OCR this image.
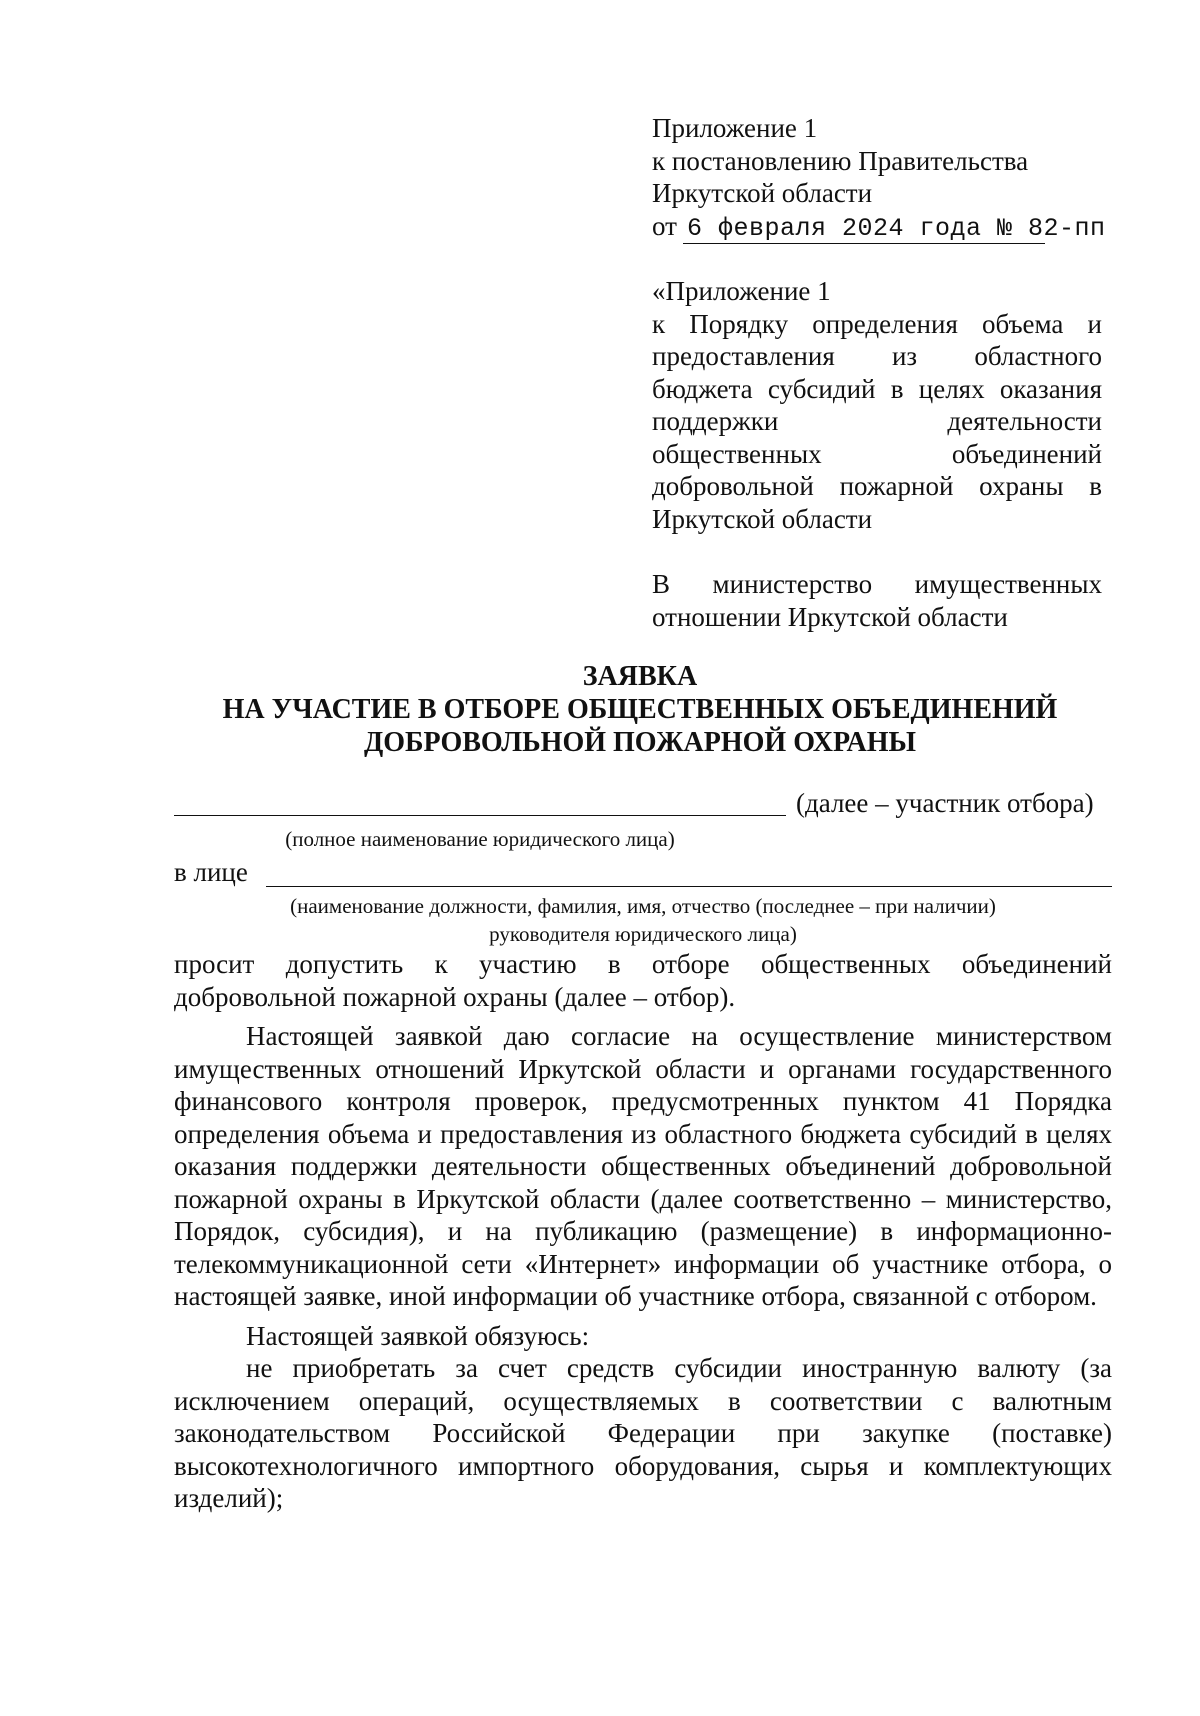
Приложение 1
к постановлению Правительства
Иркутской области
от 6 февраля 2024 года № 82-пп
«Приложение 1
к Порядку определения объема и
предоставления из областного
бюджета субсидий в целях оказания
поддержки деятельности
общественных объединений
добровольной пожарной охраны в
Иркутской области
В министерство имущественных
отношении Иркутской области
ЗАЯВКА
НА УЧАСТИЕ В ОТБОРЕ ОБЩЕСТВЕННЫХ ОБЪЕДИНЕНИЙ
ДОБРОВОЛЬНОЙ ПОЖАРНОЙ ОХРАНЫ
(далее – участник отбора)
(полное наименование юридического лица)
в лице
(наименование должности, фамилия, имя, отчество (последнее – при наличии)
руководителя юридического лица)
просит допустить к участию в отборе общественных объединений
добровольной пожарной охраны (далее – отбор).

Настоящей заявкой даю согласие на осуществление министерством имущественных отношений Иркутской области и органами государственного финансового контроля проверок, предусмотренных пунктом 41 Порядка определения объема и предоставления из областного бюджета субсидий в целях оказания поддержки деятельности общественных объединений добровольной пожарной охраны в Иркутской области (далее соответственно – министерство, Порядок, субсидия), и на публикацию (размещение) в информационно-телекоммуникационной сети «Интернет» информации об участнике отбора, о настоящей заявке, иной информации об участнике отбора, связанной с отбором.

Настоящей заявкой обязуюсь:

не приобретать за счет средств субсидии иностранную валюту (за исключением операций, осуществляемых в соответствии с валютным законодательством Российской Федерации при закупке (поставке) высокотехнологичного импортного оборудования, сырья и комплектующих изделий);
